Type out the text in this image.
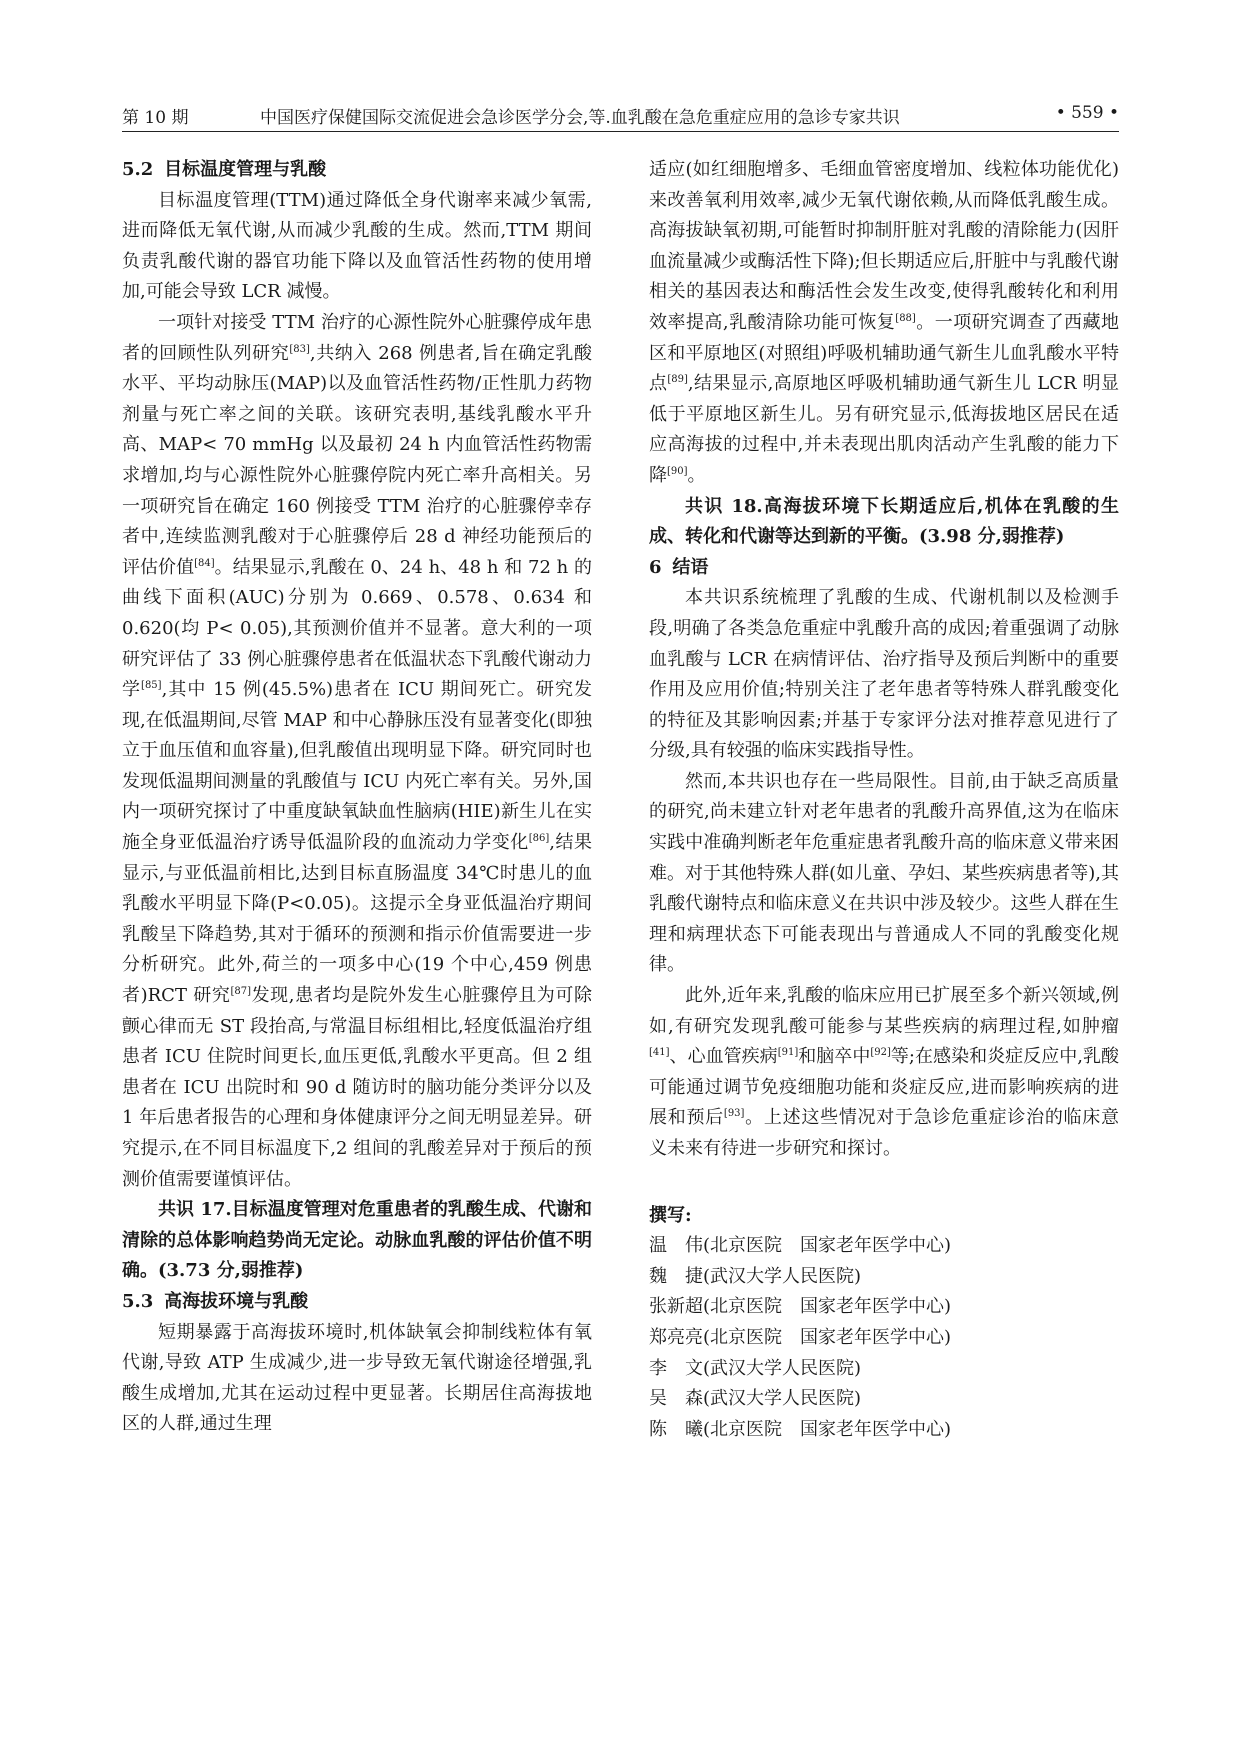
第 10 期	中国医疗保健国际交流促进会急诊医学分会,等.血乳酸在急危重症应用的急诊专家共识	• 559 •

5.2 目标温度管理与乳酸

目标温度管理(TTM)通过降低全身代谢率来减少氧需,进而降低无氧代谢,从而减少乳酸的生成。然而,TTM 期间负责乳酸代谢的器官功能下降以及血管活性药物的使用增加,可能会导致 LCR 减慢。

一项针对接受 TTM 治疗的心源性院外心脏骤停成年患者的回顾性队列研究[83],共纳入 268 例患者,旨在确定乳酸水平、平均动脉压(MAP)以及血管活性药物/正性肌力药物剂量与死亡率之间的关联。该研究表明,基线乳酸水平升高、MAP< 70 mmHg 以及最初 24 h 内血管活性药物需求增加,均与心源性院外心脏骤停院内死亡率升高相关。另一项研究旨在确定 160 例接受 TTM 治疗的心脏骤停幸存者中,连续监测乳酸对于心脏骤停后 28 d 神经功能预后的评估价值[84]。结果显示,乳酸在 0、24 h、48 h 和 72 h 的曲线下面积(AUC)分别为 0.669、0.578、0.634 和 0.620(均 P< 0.05),其预测价值并不显著。意大利的一项研究评估了 33 例心脏骤停患者在低温状态下乳酸代谢动力学[85],其中 15 例(45.5%)患者在 ICU 期间死亡。研究发现,在低温期间,尽管 MAP 和中心静脉压没有显著变化(即独立于血压值和血容量),但乳酸值出现明显下降。研究同时也发现低温期间测量的乳酸值与 ICU 内死亡率有关。另外,国内一项研究探讨了中重度缺氧缺血性脑病(HIE)新生儿在实施全身亚低温治疗诱导低温阶段的血流动力学变化[86],结果显示,与亚低温前相比,达到目标直肠温度 34℃时患儿的血乳酸水平明显下降(P<0.05)。这提示全身亚低温治疗期间乳酸呈下降趋势,其对于循环的预测和指示价值需要进一步分析研究。此外,荷兰的一项多中心(19 个中心,459 例患者)RCT 研究[87]发现,患者均是院外发生心脏骤停且为可除颤心律而无 ST 段抬高,与常温目标组相比,轻度低温治疗组患者 ICU 住院时间更长,血压更低,乳酸水平更高。但 2 组患者在 ICU 出院时和 90 d 随访时的脑功能分类评分以及 1 年后患者报告的心理和身体健康评分之间无明显差异。研究提示,在不同目标温度下,2 组间的乳酸差异对于预后的预测价值需要谨慎评估。

共识 17.目标温度管理对危重患者的乳酸生成、代谢和清除的总体影响趋势尚无定论。动脉血乳酸的评估价值不明确。(3.73 分,弱推荐)

5.3 高海拔环境与乳酸

短期暴露于高海拔环境时,机体缺氧会抑制线粒体有氧代谢,导致 ATP 生成减少,进一步导致无氧代谢途径增强,乳酸生成增加,尤其在运动过程中更显著。长期居住高海拔地区的人群,通过生理

适应(如红细胞增多、毛细血管密度增加、线粒体功能优化)来改善氧利用效率,减少无氧代谢依赖,从而降低乳酸生成。高海拔缺氧初期,可能暂时抑制肝脏对乳酸的清除能力(因肝血流量减少或酶活性下降);但长期适应后,肝脏中与乳酸代谢相关的基因表达和酶活性会发生改变,使得乳酸转化和利用效率提高,乳酸清除功能可恢复[88]。一项研究调查了西藏地区和平原地区(对照组)呼吸机辅助通气新生儿血乳酸水平特点[89],结果显示,高原地区呼吸机辅助通气新生儿 LCR 明显低于平原地区新生儿。另有研究显示,低海拔地区居民在适应高海拔的过程中,并未表现出肌肉活动产生乳酸的能力下降[90]。

共识 18.高海拔环境下长期适应后,机体在乳酸的生成、转化和代谢等达到新的平衡。(3.98 分,弱推荐)

6 结语

本共识系统梳理了乳酸的生成、代谢机制以及检测手段,明确了各类急危重症中乳酸升高的成因;着重强调了动脉血乳酸与 LCR 在病情评估、治疗指导及预后判断中的重要作用及应用价值;特别关注了老年患者等特殊人群乳酸变化的特征及其影响因素;并基于专家评分法对推荐意见进行了分级,具有较强的临床实践指导性。

然而,本共识也存在一些局限性。目前,由于缺乏高质量的研究,尚未建立针对老年患者的乳酸升高界值,这为在临床实践中准确判断老年危重症患者乳酸升高的临床意义带来困难。对于其他特殊人群(如儿童、孕妇、某些疾病患者等),其乳酸代谢特点和临床意义在共识中涉及较少。这些人群在生理和病理状态下可能表现出与普通成人不同的乳酸变化规律。

此外,近年来,乳酸的临床应用已扩展至多个新兴领域,例如,有研究发现乳酸可能参与某些疾病的病理过程,如肿瘤[41]、心血管疾病[91]和脑卒中[92]等;在感染和炎症反应中,乳酸可能通过调节免疫细胞功能和炎症反应,进而影响疾病的进展和预后[93]。上述这些情况对于急诊危重症诊治的临床意义未来有待进一步研究和探讨。

撰写:

温　伟(北京医院　国家老年医学中心)

魏　捷(武汉大学人民医院)

张新超(北京医院　国家老年医学中心)

郑亮亮(北京医院　国家老年医学中心)

李　文(武汉大学人民医院)

吴　森(武汉大学人民医院)

陈　曦(北京医院　国家老年医学中心)
